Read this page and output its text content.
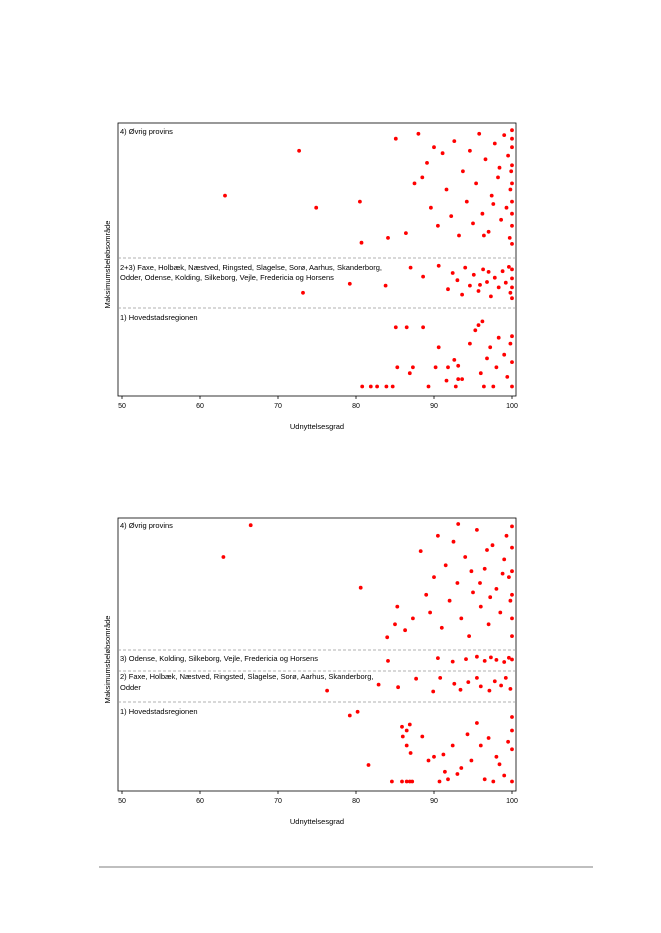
4) Øvrig provins
2+3) Faxe, Holbæk, Næstved, Ringsted, Slagelse, Sorø, Aarhus, Skanderborg, Odder, Odense, Kolding, Silkeborg, Vejle, Fredericia og Horsens
1) Hovedstadsregionen
50	60	70	80	90	100
Udnyttelsesgrad
Maksimumsbeløbsområde
4) Øvrig provins
3) Odense, Kolding, Silkeborg, Vejle, Fredericia og Horsens
2) Faxe, Holbæk, Næstved, Ringsted, Slagelse, Sorø, Aarhus, Skanderborg, Odder
1) Hovedstadsregionen
50	60	70	80	90	100
Udnyttelsesgrad
Maksimumsbeløbsområde
